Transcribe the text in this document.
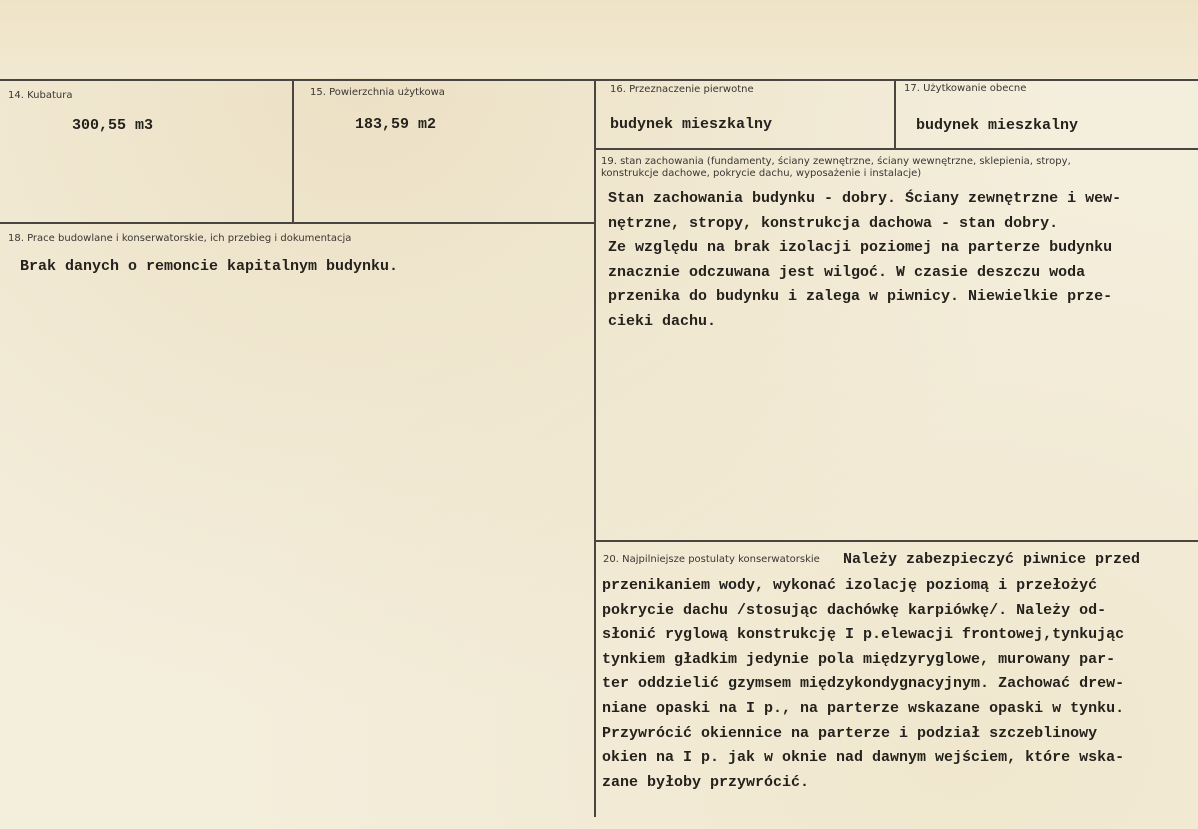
14. Kubatura
300,55 m3
15. Powierzchnia użytkowa
183,59 m2
16. Przeznaczenie pierwotne
budynek mieszkalny
17. Użytkowanie obecne
budynek mieszkalny
18. Prace budowlane i konserwatorskie, ich przebieg i dokumentacja
Brak danych o remoncie kapitalnym budynku.
19. stan zachowania (fundamenty, ściany zewnętrzne, ściany wewnętrzne, sklepienia, stropy, konstrukcje dachowe, pokrycie dachu, wyposażenie i instalacje)
Stan zachowania budynku - dobry. Ściany zewnętrzne i wew-
nętrzne, stropy, konstrukcja dachowa - stan dobry.
Ze względu na brak izolacji poziomej na parterze budynku
znacznie odczuwana jest wilgoć. W czasie deszczu woda
przenika do budynku i zalega w piwnicy. Niewielkie prze-
cieki dachu.
20. Najpilniejsze postulaty konserwatorskie Należy zabezpieczyć piwnice przed
przenikaniem wody, wykonać izolację poziomą i przełożyć
pokrycie dachu /stosując dachówkę karpiówkę/. Należy od-
słonić ryglową konstrukcję I p.elewacji frontowej,tynkując
tynkiem gładkim jedynie pola międzyryglowe, murowany par-
ter oddzielić gzymsem międzykondygnacyjnym. Zachować drew-
niane opaski na I p., na parterze wskazane opaski w tynku.
Przywrócić okiennice na parterze i podział szczeblinowy
okien na I p. jak w oknie nad dawnym wejściem, które wska-
zane byłoby przywrócić.
